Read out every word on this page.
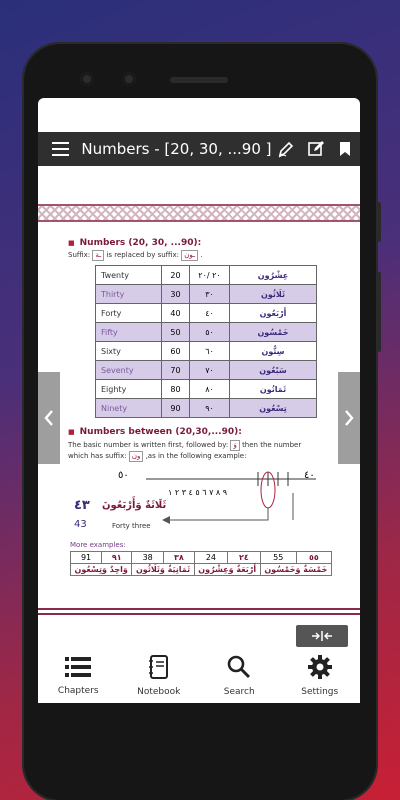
Numbers - [20, 30, ...90 ]
■ Numbers (20, 30, ...90):
Suffix: ـة is replaced by suffix: ـون .
Twenty	20	٢٠ /٢٠	عِشْرُون
Thirty	30	٣٠	ثَلَاثُون
Forty	40	٤٠	أَرْبَعُون
Fifty	50	٥٠	خَمْسُون
Sixty	60	٦٠	سِتُّون
Seventy	70	٧٠	سَبْعُون
Eighty	80	٨٠	ثَمَانُون
Ninety	90	٩٠	تِسْعُون
■ Numbers between (20,30,...90):
The basic number is written first, followed by: وَ then the number
which has suffix: ون ,as in the following example:
٥٠	٤٠
٩ ٨ ٧ ٦ ٥ ٤ ٣ ٢ ١
٤٣ ثَلَاثَةٌ وَأَرْبَعُونَ
43	Forty three
More examples:
91	٩١	38	٣٨	24	٢٤	55	٥٥
وَاحِدٌ وَتِسْعُون		ثَمَانِيَةٌ وَثَلَاثُون		أَرْبَعَةٌ وَعِشْرُون		خَمْسَةٌ وَخَمْسُون	
Chapters	Notebook	Search	Settings
